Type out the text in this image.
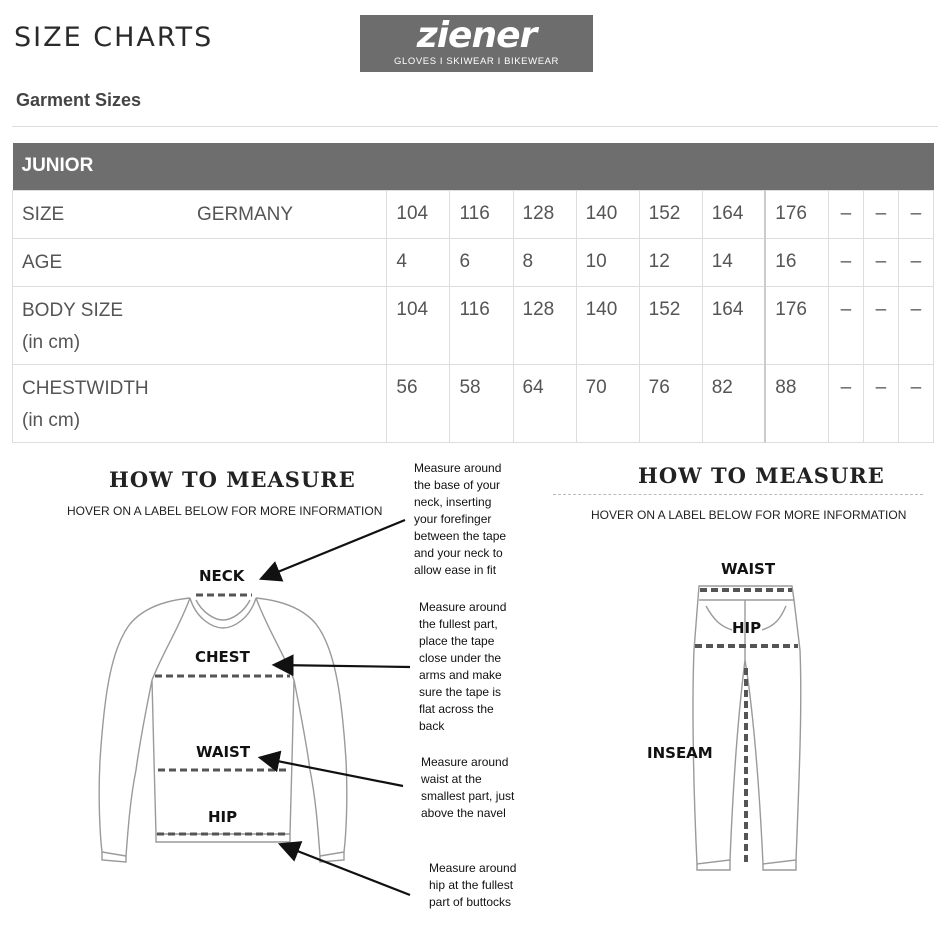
SIZE CHARTS	ziener
GLOVES I SKIWEAR I BIKEWEAR
Garment Sizes
JUNIOR										

SIZE GERMANY	104	116	128	140	152	164	176	–	–	–

AGE	4	6	8	10	12	14	16	–	–	–

BODY SIZE
(in cm)	104	116	128	140	152	164	176	–	–	–

CHESTWIDTH
(in cm)	56	58	64	70	76	82	88	–	–	–
HOW TO MEASURE
HOVER ON A LABEL BELOW FOR MORE INFORMATION
HOW TO MEASURE
HOVER ON A LABEL BELOW FOR MORE INFORMATION
NECK
CHEST
WAIST
HIP
Measure around
the base of your
neck, inserting
your forefinger
between the tape
and your neck to
allow ease in fit
Measure around
the fullest part,
place the tape
close under the
arms and make
sure the tape is
flat across the
back
Measure around
waist at the
smallest part, just
above the navel
Measure around
hip at the fullest
part of buttocks
WAIST
HIP
INSEAM
